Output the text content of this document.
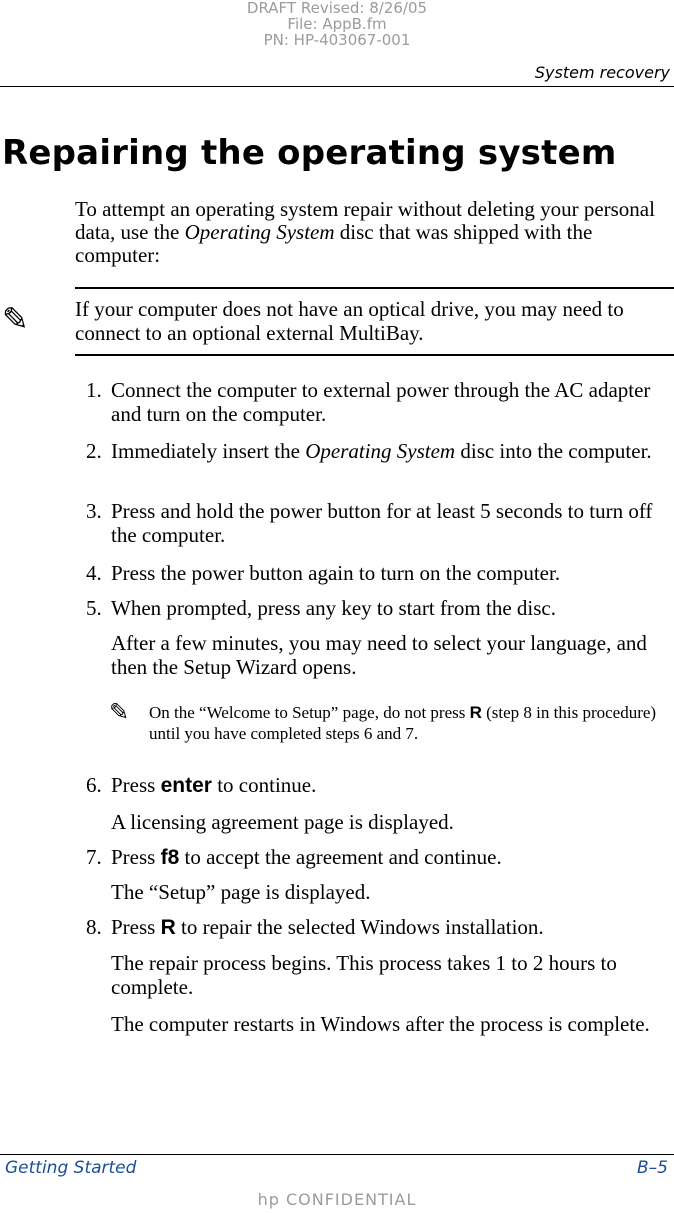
DRAFT Revised: 8/26/05
File: AppB.fm
PN: HP-403067-001
System recovery
Repairing the operating system
To attempt an operating system repair without deleting your personal data, use the Operating System disc that was shipped with the computer:
✎ If your computer does not have an optical drive, you may need to connect to an optional external MultiBay.
1. Connect the computer to external power through the AC adapter and turn on the computer.
2. Immediately insert the Operating System disc into the computer.
3. Press and hold the power button for at least 5 seconds to turn off the computer.
4. Press the power button again to turn on the computer.
5. When prompted, press any key to start from the disc.
After a few minutes, you may need to select your language, and then the Setup Wizard opens.
✎ On the “Welcome to Setup” page, do not press R (step 8 in this procedure) until you have completed steps 6 and 7.
6. Press enter to continue.
A licensing agreement page is displayed.
7. Press f8 to accept the agreement and continue.
The “Setup” page is displayed.
8. Press R to repair the selected Windows installation.
The repair process begins. This process takes 1 to 2 hours to complete.
The computer restarts in Windows after the process is complete.
Getting Started	B–5
hp CONFIDENTIAL
